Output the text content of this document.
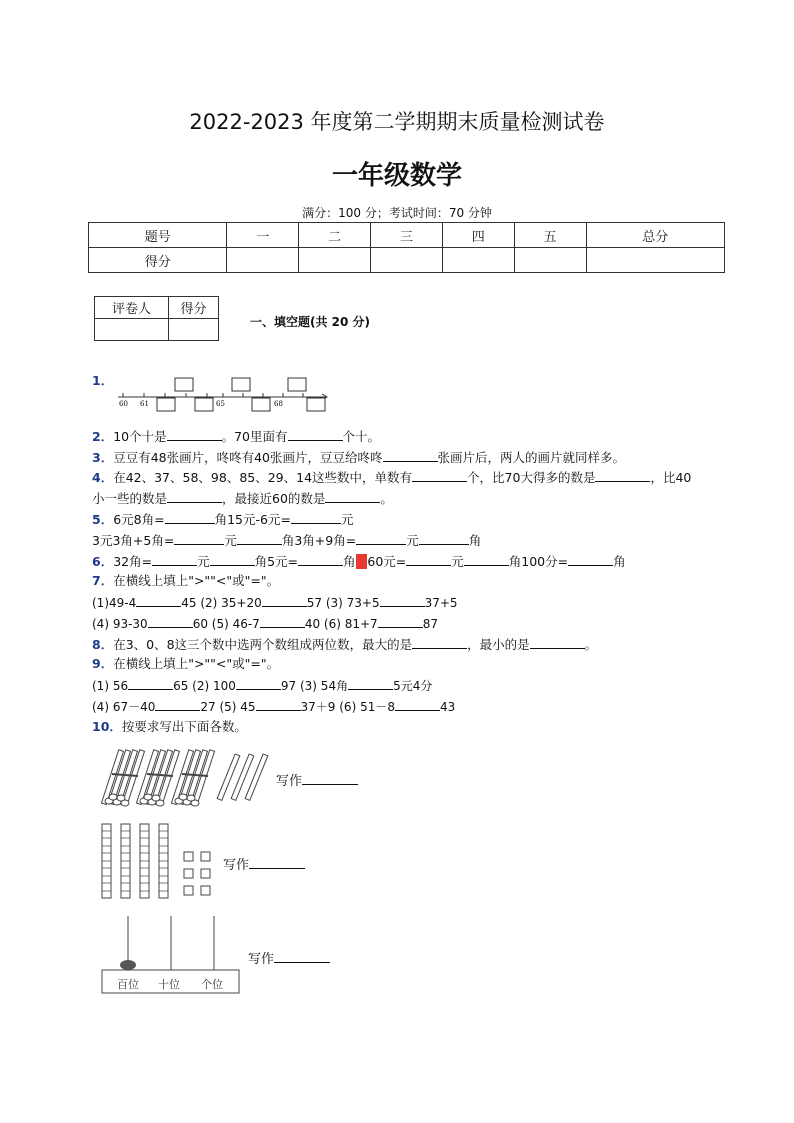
2022-2023 年度第二学期期末质量检测试卷
一年级数学
满分：100 分；考试时间：70 分钟
题号	一	二	三	四	五	总分
得分						
评卷人	得分

一、填空题(共 20 分)
1．
60 61	65	68
2．10个十是	。70里面有	个十。
3．豆豆有48张画片，咚咚有40张画片，豆豆给咚咚	张画片后，两人的画片就同样多。
4．在42、37、58、98、85、29、14这些数中，单数有	个，比70大得多的数是	，比40
小一些的数是	，最接近60的数是	。
5．6元8角=	角15元-6元=	元
3元3角+5角=	元	角3角+9角=	元	角
6．32角=	元	角5元=	角■60元=	元	角100分=	角
7．在横线上填上">""<"或"="。
(1)49-4	45 (2) 35+20	57 (3) 73+5	37+5
(4) 93-30	60 (5) 46-7	40 (6) 81+7	87
8．在3、0、8这三个数中选两个数组成两位数，最大的是	，最小的是	。
9．在横线上填上">""<"或"="。
(1) 56	65 (2) 100	97 (3) 54角	5元4分
(4) 67－40	27 (5) 45	37＋9 (6) 51－8	43
10．按要求写出下面各数。
写作
写作
百位 十位 个位
写作
